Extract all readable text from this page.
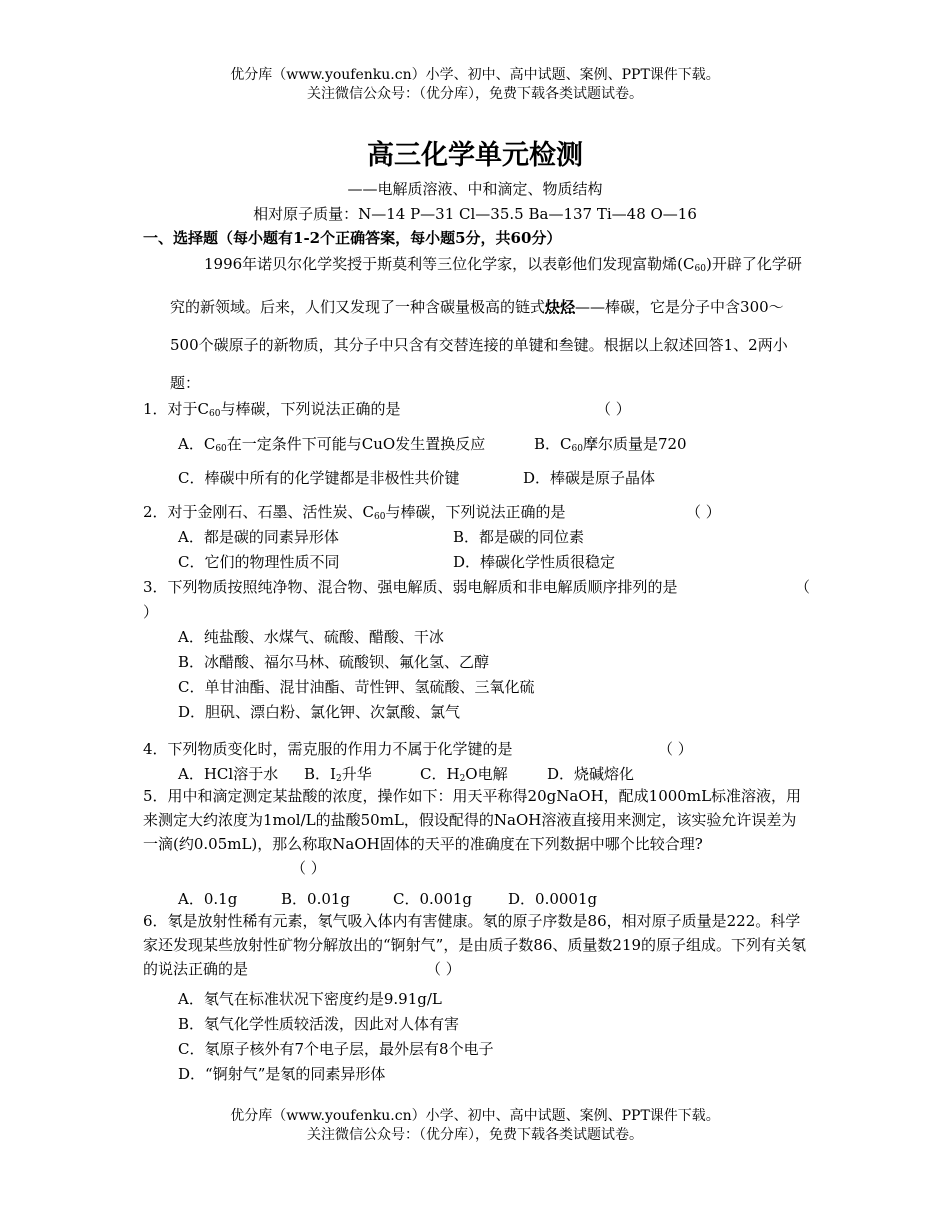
优分库（www.youfenku.cn）小学、初中、高中试题、案例、PPT课件下载。
关注微信公众号：（优分库），免费下载各类试题试卷。
高三化学单元检测
——电解质溶液、中和滴定、物质结构
相对原子质量：N—14 P—31 Cl—35.5 Ba—137 Ti—48 O—16
一、选择题（每小题有1-2个正确答案，每小题5分，共60分）
1996年诺贝尔化学奖授于斯莫利等三位化学家，以表彰他们发现富勒烯$(C_{60})$开辟了化学研究的新领域。后来，人们又发现了一种含碳量极高的链式炔烃——棒碳，它是分子中含300～500个碳原子的新物质，其分子中只含有交替连接的单键和叁键。根据以上叙述回答1、2两小题：
1．对于$C_{60}$与棒碳，下列说法正确的是	（ ）
A．$C_{60}$在一定条件下可能与CuO发生置换反应	B．$C_{60}$摩尔质量是720
C．棒碳中所有的化学键都是非极性共价键	D．棒碳是原子晶体
2．对于金刚石、石墨、活性炭、$C_{60}$与棒碳，下列说法正确的是	（ ）
A．都是碳的同素异形体	B．都是碳的同位素
C．它们的物理性质不同	D．棒碳化学性质很稳定
3．下列物质按照纯净物、混合物、强电解质、弱电解质和非电解质顺序排列的是	（
）
A．纯盐酸、水煤气、硫酸、醋酸、干冰
B．冰醋酸、福尔马林、硫酸钡、氟化氢、乙醇
C．单甘油酯、混甘油酯、苛性钾、氢硫酸、三氧化硫
D．胆矾、漂白粉、氯化钾、次氯酸、氯气
4．下列物质变化时，需克服的作用力不属于化学键的是	（ ）
A．HCl溶于水 B．$I_2$升华	C．$H_2O$电解	D．烧碱熔化
5．用中和滴定测定某盐酸的浓度，操作如下：用天平称得20gNaOH，配成1000mL标准溶液，用来测定大约浓度为1mol/L的盐酸50mL，假设配得的NaOH溶液直接用来测定，该实验允许误差为一滴(约0.05mL)，那么称取NaOH固体的天平的准确度在下列数据中哪个比较合理?（ ）
A．0.1g	B．0.01g	C．0.001g D．0.0001g
6．氡是放射性稀有元素，氡气吸入体内有害健康。氡的原子序数是86，相对原子质量是222。科学家还发现某些放射性矿物分解放出的“锕射气”，是由质子数86、质量数219的原子组成。下列有关氡的说法正确的是	（ ）
A．氡气在标准状况下密度约是9.91g/L
B．氡气化学性质较活泼，因此对人体有害
C．氡原子核外有7个电子层，最外层有8个电子
D．“锕射气”是氡的同素异形体
优分库（www.youfenku.cn）小学、初中、高中试题、案例、PPT课件下载。
关注微信公众号：（优分库），免费下载各类试题试卷。
